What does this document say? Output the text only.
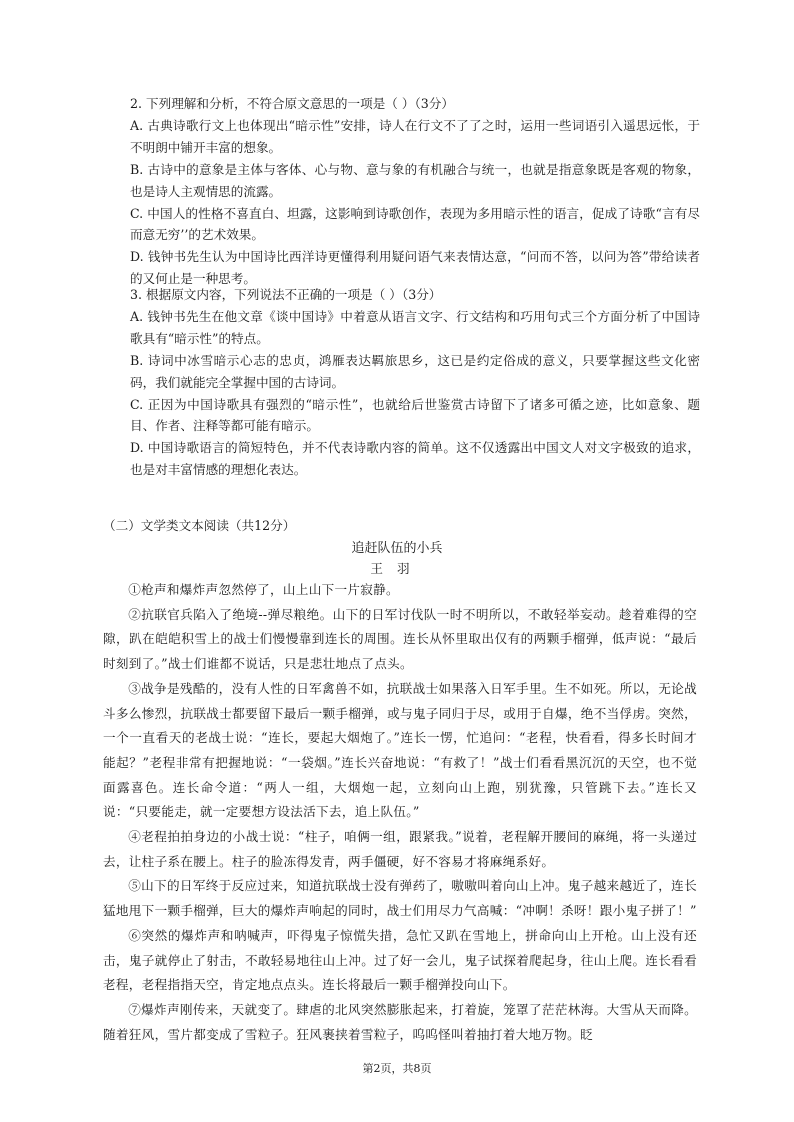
2. 下列理解和分析，不符合原文意思的一项是（ ）（3分）

A. 古典诗歌行文上也体现出“暗示性”安排，诗人在行文不了了之时，运用一些词语引入遥思远怅，于不明朗中铺开丰富的想象。

B. 古诗中的意象是主体与客体、心与物、意与象的有机融合与统一，也就是指意象既是客观的物象，也是诗人主观情思的流露。

C. 中国人的性格不喜直白、坦露，这影响到诗歌创作，表现为多用暗示性的语言，促成了诗歌“言有尽而意无穷’’的艺术效果。

D. 钱钟书先生认为中国诗比西洋诗更懂得利用疑问语气来表情达意，“问而不答，以问为答”带给读者的又何止是一种思考。

3. 根据原文内容，下列说法不正确的一项是（ ）（3分）

A. 钱钟书先生在他文章《谈中国诗》中着意从语言文字、行文结构和巧用句式三个方面分析了中国诗歌具有“暗示性”的特点。

B. 诗词中冰雪暗示心志的忠贞，鸿雁表达羁旅思乡，这已是约定俗成的意义，只要掌握这些文化密码，我们就能完全掌握中国的古诗词。

C. 正因为中国诗歌具有强烈的“暗示性”，也就给后世鉴赏古诗留下了诸多可循之迹，比如意象、题目、作者、注释等都可能有暗示。

D. 中国诗歌语言的简短特色，并不代表诗歌内容的简单。这不仅透露出中国文人对文字极致的追求，也是对丰富情感的理想化表达。

（二）文学类文本阅读（共12分）
追赶队伍的小兵
王羽

①枪声和爆炸声忽然停了，山上山下一片寂静。

②抗联官兵陷入了绝境--弹尽粮绝。山下的日军讨伐队一时不明所以，不敢轻举妄动。趁着难得的空隙，趴在皑皑积雪上的战士们慢慢靠到连长的周围。连长从怀里取出仅有的两颗手榴弹，低声说：“最后时刻到了。”战士们谁都不说话，只是悲壮地点了点头。

③战争是残酷的，没有人性的日军禽兽不如，抗联战士如果落入日军手里。生不如死。所以，无论战斗多么惨烈，抗联战士都要留下最后一颗手榴弹，或与鬼子同归于尽，或用于自爆，绝不当俘虏。突然，一个一直看天的老战士说：“连长，要起大烟炮了。”连长一愣，忙追问：“老程，快看看，得多长时间才能起？”老程非常有把握地说：“一袋烟。”连长兴奋地说：“有救了！”战士们看看黑沉沉的天空，也不觉面露喜色。连长命令道：“两人一组，大烟炮一起，立刻向山上跑，别犹豫，只管跳下去。”连长又说：“只要能走，就一定要想方设法活下去，追上队伍。”

④老程拍拍身边的小战士说：“柱子，咱俩一组，跟紧我。”说着，老程解开腰间的麻绳，将一头递过去，让柱子系在腰上。柱子的脸冻得发青，两手僵硬，好不容易才将麻绳系好。

⑤山下的日军终于反应过来，知道抗联战士没有弹药了，嗷嗷叫着向山上冲。鬼子越来越近了，连长猛地甩下一颗手榴弹，巨大的爆炸声响起的同时，战士们用尽力气高喊：“冲啊！杀呀！跟小鬼子拼了！”

⑥突然的爆炸声和呐喊声，吓得鬼子惊慌失措，急忙又趴在雪地上，拼命向山上开枪。山上没有还击，鬼子就停止了射击，不敢轻易地往山上冲。过了好一会儿，鬼子试探着爬起身，往山上爬。连长看看老程，老程指指天空，肯定地点点头。连长将最后一颗手榴弹投向山下。

⑦爆炸声刚传来，天就变了。肆虐的北风突然膨胀起来，打着旋，笼罩了茫茫林海。大雪从天而降。随着狂风，雪片都变成了雪粒子。狂风裹挟着雪粒子，呜呜怪叫着抽打着大地万物。眨

第2页，共8页
